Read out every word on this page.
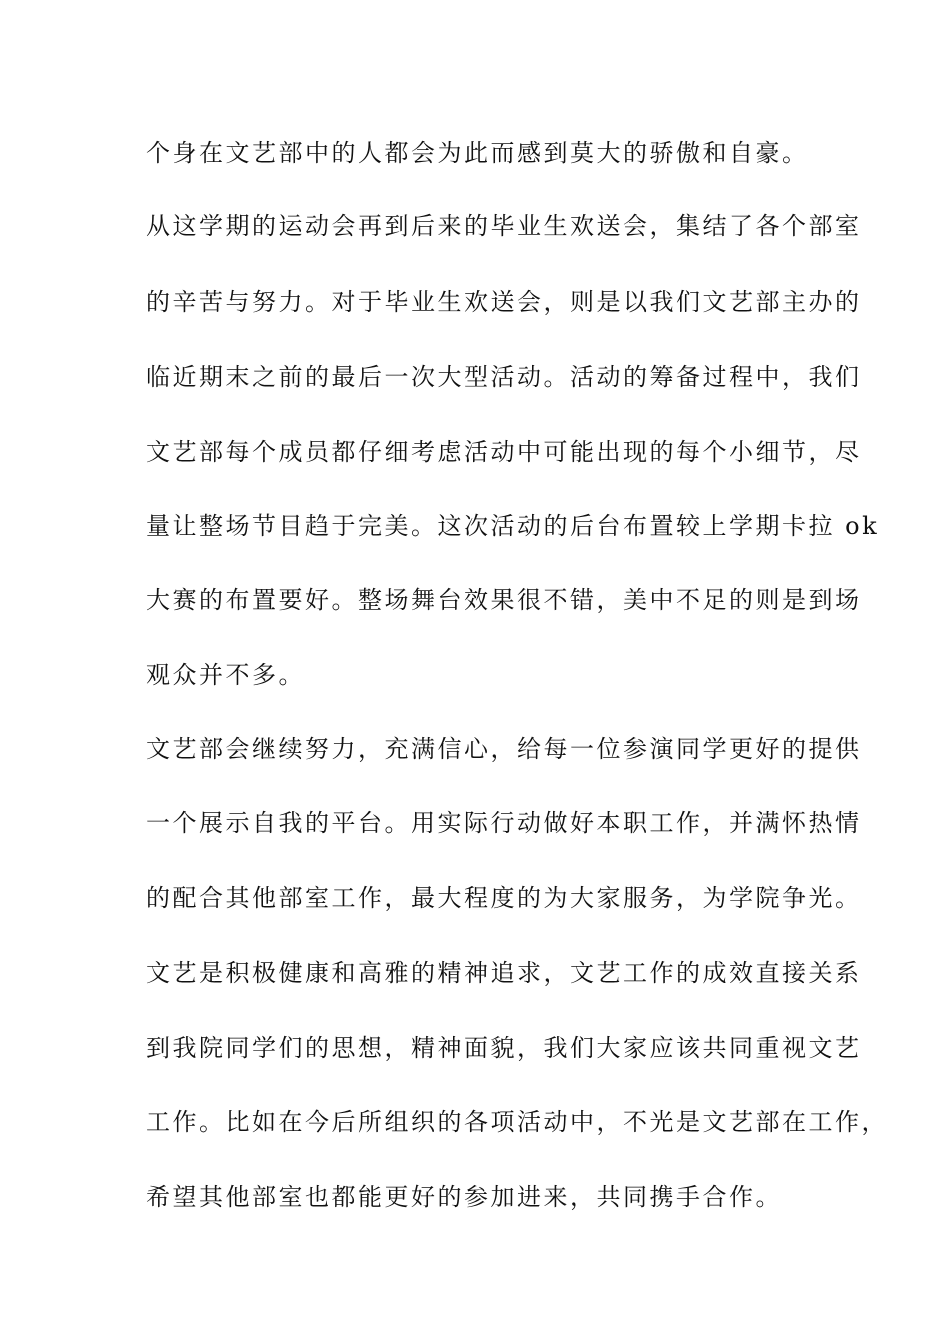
个身在文艺部中的人都会为此而感到莫大的骄傲和自豪。
从这学期的运动会再到后来的毕业生欢送会，集结了各个部室
的辛苦与努力。对于毕业生欢送会，则是以我们文艺部主办的
临近期末之前的最后一次大型活动。活动的筹备过程中，我们
文艺部每个成员都仔细考虑活动中可能出现的每个小细节，尽
量让整场节目趋于完美。这次活动的后台布置较上学期卡拉 ok
大赛的布置要好。整场舞台效果很不错，美中不足的则是到场
观众并不多。
文艺部会继续努力，充满信心，给每一位参演同学更好的提供
一个展示自我的平台。用实际行动做好本职工作，并满怀热情
的配合其他部室工作，最大程度的为大家服务，为学院争光。
文艺是积极健康和高雅的精神追求，文艺工作的成效直接关系
到我院同学们的思想，精神面貌，我们大家应该共同重视文艺
工作。比如在今后所组织的各项活动中，不光是文艺部在工作，
希望其他部室也都能更好的参加进来，共同携手合作。
